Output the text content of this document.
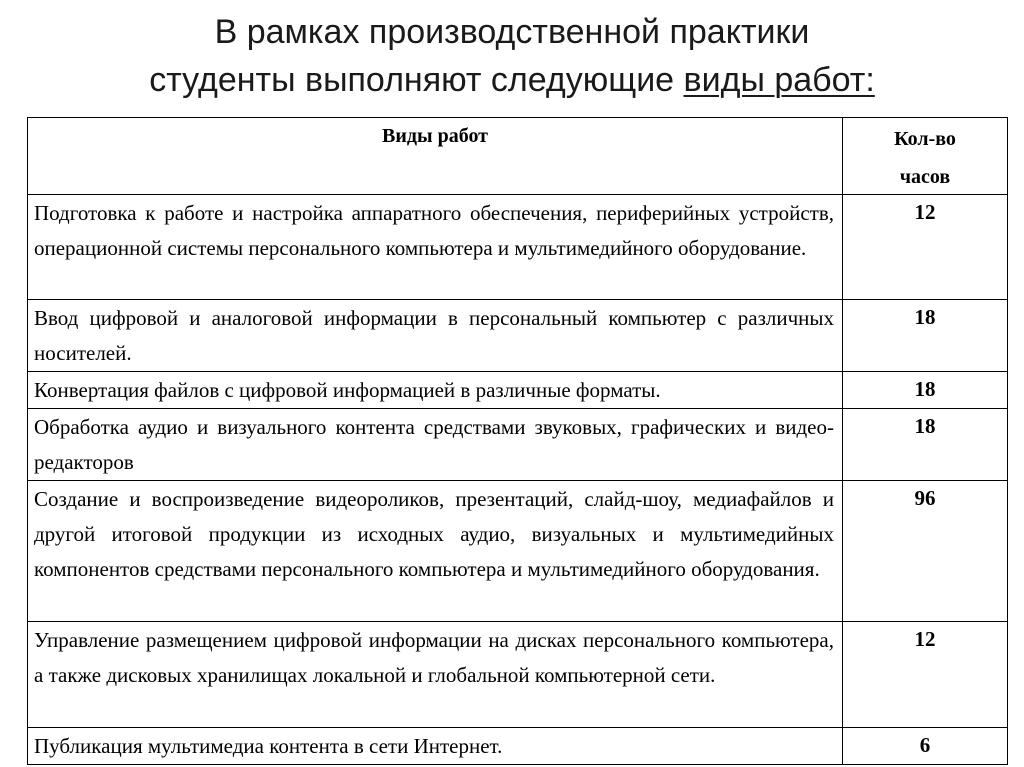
В рамках производственной практики
студенты выполняют следующие виды работ:
Виды работ	Кол-во
часов

Подготовка к работе и настройка аппаратного обеспечения, периферийных устройств, операционной системы персонального компьютера и мультимедийного оборудование.	12
Ввод цифровой и аналоговой информации в персональный компьютер с различных носителей.	18
Конвертация файлов с цифровой информацией в различные форматы.	18
Обработка аудио и визуального контента средствами звуковых, графических и видео-редакторов	18
Создание и воспроизведение видеороликов, презентаций, слайд-шоу, медиафайлов и другой итоговой продукции из исходных аудио, визуальных и мультимедийных компонентов средствами персонального компьютера и мультимедийного оборудования.	96
Управление размещением цифровой информации на дисках персонального компьютера, а также дисковых хранилищах локальной и глобальной компьютерной сети.	12
Публикация мультимедиа контента в сети Интернет.	6
